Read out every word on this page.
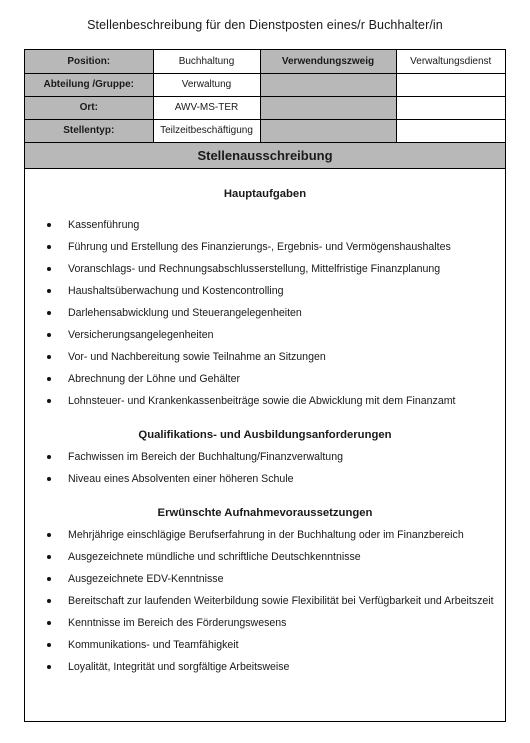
Stellenbeschreibung für den Dienstposten eines/r Buchhalter/in
Position:	Buchhaltung	Verwendungszweig	Verwaltungsdienst
Abteilung /Gruppe:	Verwaltung		
Ort:	AWV-MS-TER		
Stellentyp:	Teilzeitbeschäftigung		
Stellenausschreibung
Hauptaufgaben
Kassenführung
Führung und Erstellung des Finanzierungs-, Ergebnis- und Vermögenshaushaltes
Voranschlags- und Rechnungsabschlusserstellung, Mittelfristige Finanzplanung
Haushaltsüberwachung und Kostencontrolling
Darlehensabwicklung und Steuerangelegenheiten
Versicherungsangelegenheiten
Vor- und Nachbereitung sowie Teilnahme an Sitzungen
Abrechnung der Löhne und Gehälter
Lohnsteuer- und Krankenkassenbeiträge sowie die Abwicklung mit dem Finanzamt
Qualifikations- und Ausbildungsanforderungen
Fachwissen im Bereich der Buchhaltung/Finanzverwaltung
Niveau eines Absolventen einer höheren Schule
Erwünschte Aufnahmevoraussetzungen
Mehrjährige einschlägige Berufserfahrung in der Buchhaltung oder im Finanzbereich
Ausgezeichnete mündliche und schriftliche Deutschkenntnisse
Ausgezeichnete EDV-Kenntnisse
Bereitschaft zur laufenden Weiterbildung sowie Flexibilität bei Verfügbarkeit und Arbeitszeit
Kenntnisse im Bereich des Förderungswesens
Kommunikations- und Teamfähigkeit
Loyalität, Integrität und sorgfältige Arbeitsweise
